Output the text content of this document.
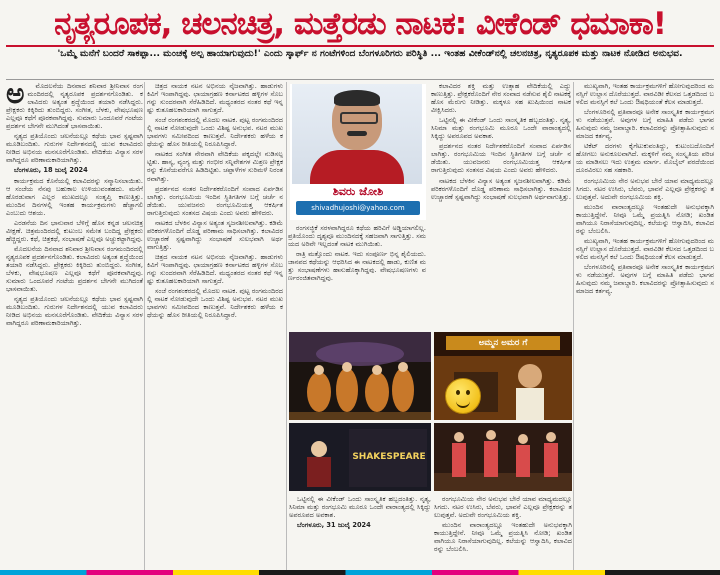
ನೃತ್ಯರೂಪಕ, ಚಲನಚಿತ್ರ, ಮತ್ತೆರಡು ನಾಟಕ: ವೀಕೆಂಡ್ ಧಮಾಕಾ!
'ಒಮ್ಮೆ ಮನೆಗೆ ಬಂದರೆ ಸಾಕಪ್ಪಾ... ಮಂಚಕ್ಕೆ ಅಲ್ಪ ಹಾಯಾಗುವುದು!' ಎಂದು ಸ್ಕಾರ್ಫ್ ನ ಗಂಟೆಗಳಿಂದ ಬೆಂಗಳೂರಿಗರು ಪರಿಸ್ಥಿತಿ ... ಇಂತಹ ವೀಕೆಂಡ್‌ನಲ್ಲಿ ಚಲನಚಿತ್ರ, ನೃತ್ಯರೂಪಕ ಮತ್ತು ನಾಟಕ ನೋಡಿದ ಅನುಭವ.
ಅ	ಮೊದಲನೆಯ ದಿನವಾದ ಶನಿವಾರ ಶ್ರೀನಿವಾಸ ರಂಗಮಂದಿರದಲ್ಲಿ ನೃತ್ಯರೂಪಕ ಪ್ರದರ್ಶನಗೊಂಡಿತು. ಕಲಾವಿದರು ಅತ್ಯಂತ ಶ್ರದ್ಧೆಯಿಂದ ತಯಾರಿ ನಡೆಸಿದ್ದರು. ಪ್ರೇಕ್ಷಕರು ಕಿಕ್ಕಿರಿದು ತುಂಬಿದ್ದರು. ಸಂಗೀತ, ಬೆಳಕು, ವೇಷಭೂಷಣ ಎಲ್ಲವೂ ಕಥೆಗೆ ಪೂರಕವಾಗಿದ್ದವು. ಸುಮಾರು ಒಂದೂವರೆ ಗಂಟೆಯ ಪ್ರದರ್ಶನ ಬೇಗನೇ ಮುಗಿದಂತೆ ಭಾಸವಾಯಿತು.

ನೃತ್ಯದ ಪ್ರತಿಯೊಂದು ಚಲನೆಯಲ್ಲೂ ಕಥೆಯ ಭಾವ ಸ್ಪಷ್ಟವಾಗಿ ಮೂಡಿಬಂದಿತು. ಗುರುಗಳ ನಿರ್ದೇಶನದಲ್ಲಿ ಯುವ ಕಲಾವಿದರು ನೀಡಿದ ಅಭಿನಯ ಮನಸೂರೆಗೊಂಡಿತು. ವೇದಿಕೆಯ ವಿನ್ಯಾಸ ಸರಳವಾಗಿದ್ದರೂ ಪರಿಣಾಮಕಾರಿಯಾಗಿತ್ತು.

ಬೆಂಗಳೂರು, 18 ಜುಲೈ 2024

ಕಾರ್ಯಕ್ರಮದ ಕೊನೆಯಲ್ಲಿ ಕಲಾವಿದರನ್ನು ಸನ್ಮಾನಿಸಲಾಯಿತು. ಆ ಸಂಜೆಯ ನೆನಪು ಬಹುಕಾಲ ಉಳಿಯುವಂತಹದು. ಮನೆಗೆ ಹೊರಡುವಾಗ ಎಲ್ಲರ ಮುಖದಲ್ಲೂ ಸಂತೃಪ್ತಿ ಕಾಣುತ್ತಿತ್ತು. ಮುಂದಿನ ದಿನಗಳಲ್ಲಿ ಇಂತಹ ಕಾರ್ಯಕ್ರಮಗಳು ಹೆಚ್ಚಾಗಲಿ ಎಂಬುದು ಆಶಯ.

ಎರಡನೆಯ ದಿನ ಭಾನುವಾರ ಬೆಳಿಗ್ಗೆ ಹೊಸ ಕನ್ನಡ ಚಲನಚಿತ್ರ ವೀಕ್ಷಣೆ. ಚಿತ್ರಮಂದಿರದಲ್ಲಿ ಕುಟುಂಬ ಸಮೇತ ಬಂದಿದ್ದ ಪ್ರೇಕ್ಷಕರು ಹೆಚ್ಚಿದ್ದರು. ಕಥೆ, ಚಿತ್ರಕಥೆ, ಸಂಭಾಷಣೆ ಎಲ್ಲವೂ ಅಚ್ಚುಕಟ್ಟಾಗಿದ್ದವು.

ಮೊದಲನೆಯ ದಿನವಾದ ಶನಿವಾರ ಶ್ರೀನಿವಾಸ ರಂಗಮಂದಿರದಲ್ಲಿ ನೃತ್ಯರೂಪಕ ಪ್ರದರ್ಶನಗೊಂಡಿತು. ಕಲಾವಿದರು ಅತ್ಯಂತ ಶ್ರದ್ಧೆಯಿಂದ ತಯಾರಿ ನಡೆಸಿದ್ದರು. ಪ್ರೇಕ್ಷಕರು ಕಿಕ್ಕಿರಿದು ತುಂಬಿದ್ದರು. ಸಂಗೀತ, ಬೆಳಕು, ವೇಷಭೂಷಣ ಎಲ್ಲವೂ ಕಥೆಗೆ ಪೂರಕವಾಗಿದ್ದವು. ಸುಮಾರು ಒಂದೂವರೆ ಗಂಟೆಯ ಪ್ರದರ್ಶನ ಬೇಗನೇ ಮುಗಿದಂತೆ ಭಾಸವಾಯಿತು.

ನೃತ್ಯದ ಪ್ರತಿಯೊಂದು ಚಲನೆಯಲ್ಲೂ ಕಥೆಯ ಭಾವ ಸ್ಪಷ್ಟವಾಗಿ ಮೂಡಿಬಂದಿತು. ಗುರುಗಳ ನಿರ್ದೇಶನದಲ್ಲಿ ಯುವ ಕಲಾವಿದರು ನೀಡಿದ ಅಭಿನಯ ಮನಸೂರೆಗೊಂಡಿತು. ವೇದಿಕೆಯ ವಿನ್ಯಾಸ ಸರಳವಾಗಿದ್ದರೂ ಪರಿಣಾಮಕಾರಿಯಾಗಿತ್ತು.

ಚಿತ್ರದ ನಾಯಕ ನಟನ ಅಭಿನಯ ನೈಜವಾಗಿತ್ತು. ಹಾಡುಗಳು ಕಿವಿಗೆ ಇಂಪಾಗಿದ್ದವು. ಛಾಯಾಗ್ರಹಣ ಕರ್ನಾಟಕದ ಹಳ್ಳಿಗಳ ಸೊಬಗನ್ನು ಸುಂದರವಾಗಿ ಸೆರೆಹಿಡಿದಿದೆ. ಮಧ್ಯಂತರದ ನಂತರ ಕಥೆ ಇನ್ನಷ್ಟು ಕುತೂಹಲಕಾರಿಯಾಗಿ ಸಾಗುತ್ತದೆ.

ಸಂಜೆ ರಂಗಶಂಕರದಲ್ಲಿ ಮೊದಲ ನಾಟಕ. ಪುಟ್ಟ ರಂಗಮಂದಿರದಲ್ಲಿ ನಾಟಕ ನೋಡುವುದೇ ಒಂದು ವಿಶಿಷ್ಟ ಅನುಭವ. ನಟರ ಮುಖಭಾವಗಳು ಸಮೀಪದಿಂದ ಕಾಣುತ್ತವೆ. ನಿರ್ದೇಶಕರು ಹಳೆಯ ಕಥೆಯನ್ನು ಹೊಸ ರೀತಿಯಲ್ಲಿ ನಿರೂಪಿಸಿದ್ದಾರೆ.

ನಾಟಕದ ಸಂಗೀತ ನೇರವಾಗಿ ವೇದಿಕೆಯ ಪಕ್ಕದಲ್ಲೇ ನುಡಿಸಲ್ಪಟ್ಟಿತು. ಹಾಸ್ಯ, ವ್ಯಂಗ್ಯ ಮತ್ತು ಗಂಭೀರ ಸನ್ನಿವೇಶಗಳ ಮಿಶ್ರಣ ಪ್ರೇಕ್ಷಕರನ್ನು ಕೊನೆಯವರೆಗೂ ಹಿಡಿದಿಟ್ಟಿತು. ಚಪ್ಪಾಳೆಗಳ ಸುರಿಮಳೆ ನಿರಂತರವಾಗಿತ್ತು.

ಪ್ರದರ್ಶನದ ನಂತರ ನಿರ್ದೇಶಕರೊಂದಿಗೆ ಸಂವಾದ ಏರ್ಪಡಿಸಲಾಗಿತ್ತು. ರಂಗಭೂಮಿಯ ಇಂದಿನ ಸ್ಥಿತಿಗತಿಗಳ ಬಗ್ಗೆ ಚರ್ಚೆ ನಡೆಯಿತು. ಯುವಜನರು ರಂಗಭೂಮಿಯತ್ತ ಆಕರ್ಷಿತರಾಗುತ್ತಿರುವುದು ಸಂತಸದ ವಿಷಯ ಎಂದು ಅವರು ಹೇಳಿದರು.

ನಾಟಕದ ಬೆಳಕಿನ ವಿನ್ಯಾಸ ಅತ್ಯಂತ ಸೃಜನಶೀಲವಾಗಿತ್ತು. ಕಡಿಮೆ ಪರಿಕರಗಳೊಂದಿಗೆ ದೊಡ್ಡ ಪರಿಣಾಮ ಸಾಧಿಸಲಾಗಿತ್ತು. ಕಲಾವಿದರ ಉಚ್ಚಾರಣೆ ಸ್ಪಷ್ಟವಾಗಿದ್ದು ಸಂಭಾಷಣೆ ಸುಲಭವಾಗಿ ಅರ್ಥವಾಗುತ್ತಿತ್ತು.

ಚಿತ್ರದ ನಾಯಕ ನಟನ ಅಭಿನಯ ನೈಜವಾಗಿತ್ತು. ಹಾಡುಗಳು ಕಿವಿಗೆ ಇಂಪಾಗಿದ್ದವು. ಛಾಯಾಗ್ರಹಣ ಕರ್ನಾಟಕದ ಹಳ್ಳಿಗಳ ಸೊಬಗನ್ನು ಸುಂದರವಾಗಿ ಸೆರೆಹಿಡಿದಿದೆ. ಮಧ್ಯಂತರದ ನಂತರ ಕಥೆ ಇನ್ನಷ್ಟು ಕುತೂಹಲಕಾರಿಯಾಗಿ ಸಾಗುತ್ತದೆ.

ಸಂಜೆ ರಂಗಶಂಕರದಲ್ಲಿ ಮೊದಲ ನಾಟಕ. ಪುಟ್ಟ ರಂಗಮಂದಿರದಲ್ಲಿ ನಾಟಕ ನೋಡುವುದೇ ಒಂದು ವಿಶಿಷ್ಟ ಅನುಭವ. ನಟರ ಮುಖಭಾವಗಳು ಸಮೀಪದಿಂದ ಕಾಣುತ್ತವೆ. ನಿರ್ದೇಶಕರು ಹಳೆಯ ಕಥೆಯನ್ನು ಹೊಸ ರೀತಿಯಲ್ಲಿ ನಿರೂಪಿಸಿದ್ದಾರೆ.

ಶಿವರು ಜೋಶಿ
shivadhujoshi@yahoo.com

ರಂಗಸಜ್ಜಿಕೆ ಸರಳವಾಗಿದ್ದರೂ ಕಥೆಯ ಹರಿವಿಗೆ ಅಡ್ಡಿಯಾಗಲಿಲ್ಲ. ಪ್ರತಿಯೊಂದು ದೃಶ್ಯವೂ ಮುಂದಿನದಕ್ಕೆ ಸಹಜವಾಗಿ ಸಾಗುತ್ತಿತ್ತು. ಸಮಯದ ಅರಿವೇ ಇಲ್ಲದಂತೆ ನಾಟಕ ಮುಗಿಯಿತು.

ರಾತ್ರಿ ಮತ್ತೊಂದು ನಾಟಕ. ಇದು ಸಂಪೂರ್ಣ ಭಿನ್ನ ಶೈಲಿಯದು. ಜಾನಪದ ಕಥೆಯನ್ನು ಆಧರಿಸಿದ ಈ ನಾಟಕದಲ್ಲಿ ಹಾಡು, ಕುಣಿತ ಮತ್ತು ಸಂಭಾಷಣೆಗಳು ಹಾಸುಹೊಕ್ಕಾಗಿದ್ದವು. ವೇಷಭೂಷಣಗಳು ವರ್ಣರಂಜಿತವಾಗಿದ್ದವು.

ಕಲಾವಿದರ ಶಕ್ತಿ ಮತ್ತು ಉತ್ಸಾಹ ವೇದಿಕೆಯಲ್ಲಿ ಎದ್ದು ಕಾಣುತ್ತಿತ್ತು. ಪ್ರೇಕ್ಷಕರೊಂದಿಗೆ ನೇರ ಸಂವಾದ ನಡೆಸುವ ಶೈಲಿ ನಾಟಕಕ್ಕೆ ಹೊಸ ಮೆರುಗು ನೀಡಿತ್ತು. ಮಕ್ಕಳೂ ಸಹ ಖುಷಿಯಿಂದ ನಾಟಕ ವೀಕ್ಷಿಸಿದರು.

ಒಟ್ಟಿನಲ್ಲಿ ಈ ವೀಕೆಂಡ್ ಒಂದು ಸಾಂಸ್ಕೃತಿಕ ಹಬ್ಬದಂತಿತ್ತು. ನೃತ್ಯ, ಸಿನಿಮಾ ಮತ್ತು ರಂಗಭೂಮಿ ಮೂರೂ ಒಂದೇ ವಾರಾಂತ್ಯದಲ್ಲಿ ಸಿಕ್ಕಿದ್ದು ಅಪರೂಪದ ಅವಕಾಶ.

ಪ್ರದರ್ಶನದ ನಂತರ ನಿರ್ದೇಶಕರೊಂದಿಗೆ ಸಂವಾದ ಏರ್ಪಡಿಸಲಾಗಿತ್ತು. ರಂಗಭೂಮಿಯ ಇಂದಿನ ಸ್ಥಿತಿಗತಿಗಳ ಬಗ್ಗೆ ಚರ್ಚೆ ನಡೆಯಿತು. ಯುವಜನರು ರಂಗಭೂಮಿಯತ್ತ ಆಕರ್ಷಿತರಾಗುತ್ತಿರುವುದು ಸಂತಸದ ವಿಷಯ ಎಂದು ಅವರು ಹೇಳಿದರು.

ನಾಟಕದ ಬೆಳಕಿನ ವಿನ್ಯಾಸ ಅತ್ಯಂತ ಸೃಜನಶೀಲವಾಗಿತ್ತು. ಕಡಿಮೆ ಪರಿಕರಗಳೊಂದಿಗೆ ದೊಡ್ಡ ಪರಿಣಾಮ ಸಾಧಿಸಲಾಗಿತ್ತು. ಕಲಾವಿದರ ಉಚ್ಚಾರಣೆ ಸ್ಪಷ್ಟವಾಗಿದ್ದು ಸಂಭಾಷಣೆ ಸುಲಭವಾಗಿ ಅರ್ಥವಾಗುತ್ತಿತ್ತು.

ಮುಖ್ಯವಾಗಿ, ಇಂತಹ ಕಾರ್ಯಕ್ರಮಗಳಿಗೆ ಹೋಗುವುದರಿಂದ ಮನಸ್ಸಿಗೆ ಉಲ್ಲಾಸ ದೊರೆಯುತ್ತದೆ. ವಾರವಿಡೀ ಕೆಲಸದ ಒತ್ತಡದಿಂದ ಬಳಲಿದ ಮನಸ್ಸಿಗೆ ಕಲೆ ಒಂದು ಔಷಧಿಯಂತೆ ಕೆಲಸ ಮಾಡುತ್ತದೆ.

ಬೆಂಗಳೂರಿನಲ್ಲಿ ಪ್ರತಿವಾರವೂ ಅನೇಕ ಸಾಂಸ್ಕೃತಿಕ ಕಾರ್ಯಕ್ರಮಗಳು ನಡೆಯುತ್ತವೆ. ಅವುಗಳ ಬಗ್ಗೆ ಮಾಹಿತಿ ಪಡೆದು ಭಾಗವಹಿಸುವುದು ನಮ್ಮ ಜವಾಬ್ದಾರಿ. ಕಲಾವಿದರನ್ನು ಪ್ರೋತ್ಸಾಹಿಸುವುದು ಸಮಾಜದ ಕರ್ತವ್ಯ.

ಟಿಕೆಟ್ ದರಗಳು ಕೈಗೆಟುಕುವಂತಿದ್ದು, ಕುಟುಂಬದೊಂದಿಗೆ ಹೋಗಲು ಅನುಕೂಲವಾಗಿದೆ. ಮಕ್ಕಳಿಗೆ ನಮ್ಮ ಸಂಸ್ಕೃತಿಯ ಪರಿಚಯ ಮಾಡಿಸಲು ಇದು ಉತ್ತಮ ಮಾರ್ಗ. ಮೊಬೈಲ್ ಪರದೆಯಿಂದ ದೂರವಿರಲು ಸಹ ಸಹಕಾರಿ.

ರಂಗಭೂಮಿಯ ನೇರ ಅನುಭವ ಬೇರೆ ಯಾವ ಮಾಧ್ಯಮದಲ್ಲೂ ಸಿಗದು. ನಟರ ಉಸಿರು, ಬೆವರು, ಭಾವನೆ ಎಲ್ಲವೂ ಪ್ರೇಕ್ಷಕರನ್ನು ತಲುಪುತ್ತವೆ. ಅದುವೇ ರಂಗಭೂಮಿಯ ಶಕ್ತಿ.

ಮುಂದಿನ ವಾರಾಂತ್ಯದಲ್ಲೂ ಇಂತಹುದೇ ಅನುಭವಕ್ಕಾಗಿ ಕಾಯುತ್ತಿದ್ದೇನೆ. ನೀವೂ ಒಮ್ಮೆ ಪ್ರಯತ್ನಿಸಿ ನೋಡಿ; ಖಂಡಿತವಾಗಿಯೂ ನಿರಾಸೆಯಾಗುವುದಿಲ್ಲ. ಕಲೆಯನ್ನು ಆಸ್ವಾದಿಸಿ, ಕಲಾವಿದರನ್ನು ಬೆಂಬಲಿಸಿ.

ಮುಖ್ಯವಾಗಿ, ಇಂತಹ ಕಾರ್ಯಕ್ರಮಗಳಿಗೆ ಹೋಗುವುದರಿಂದ ಮನಸ್ಸಿಗೆ ಉಲ್ಲಾಸ ದೊರೆಯುತ್ತದೆ. ವಾರವಿಡೀ ಕೆಲಸದ ಒತ್ತಡದಿಂದ ಬಳಲಿದ ಮನಸ್ಸಿಗೆ ಕಲೆ ಒಂದು ಔಷಧಿಯಂತೆ ಕೆಲಸ ಮಾಡುತ್ತದೆ.

ಬೆಂಗಳೂರಿನಲ್ಲಿ ಪ್ರತಿವಾರವೂ ಅನೇಕ ಸಾಂಸ್ಕೃತಿಕ ಕಾರ್ಯಕ್ರಮಗಳು ನಡೆಯುತ್ತವೆ. ಅವುಗಳ ಬಗ್ಗೆ ಮಾಹಿತಿ ಪಡೆದು ಭಾಗವಹಿಸುವುದು ನಮ್ಮ ಜವಾಬ್ದಾರಿ. ಕಲಾವಿದರನ್ನು ಪ್ರೋತ್ಸಾಹಿಸುವುದು ಸಮಾಜದ ಕರ್ತವ್ಯ.

ಅಮ್ಮನ ಅಮರ ಗೆ
SHAKESPEARE

ಒಟ್ಟಿನಲ್ಲಿ ಈ ವೀಕೆಂಡ್ ಒಂದು ಸಾಂಸ್ಕೃತಿಕ ಹಬ್ಬದಂತಿತ್ತು. ನೃತ್ಯ, ಸಿನಿಮಾ ಮತ್ತು ರಂಗಭೂಮಿ ಮೂರೂ ಒಂದೇ ವಾರಾಂತ್ಯದಲ್ಲಿ ಸಿಕ್ಕಿದ್ದು ಅಪರೂಪದ ಅವಕಾಶ.

ಬೆಂಗಳೂರು, 31 ಜುಲೈ 2024

ರಂಗಭೂಮಿಯ ನೇರ ಅನುಭವ ಬೇರೆ ಯಾವ ಮಾಧ್ಯಮದಲ್ಲೂ ಸಿಗದು. ನಟರ ಉಸಿರು, ಬೆವರು, ಭಾವನೆ ಎಲ್ಲವೂ ಪ್ರೇಕ್ಷಕರನ್ನು ತಲುಪುತ್ತವೆ. ಅದುವೇ ರಂಗಭೂಮಿಯ ಶಕ್ತಿ.

ಮುಂದಿನ ವಾರಾಂತ್ಯದಲ್ಲೂ ಇಂತಹುದೇ ಅನುಭವಕ್ಕಾಗಿ ಕಾಯುತ್ತಿದ್ದೇನೆ. ನೀವೂ ಒಮ್ಮೆ ಪ್ರಯತ್ನಿಸಿ ನೋಡಿ; ಖಂಡಿತವಾಗಿಯೂ ನಿರಾಸೆಯಾಗುವುದಿಲ್ಲ. ಕಲೆಯನ್ನು ಆಸ್ವಾದಿಸಿ, ಕಲಾವಿದರನ್ನು ಬೆಂಬಲಿಸಿ.
